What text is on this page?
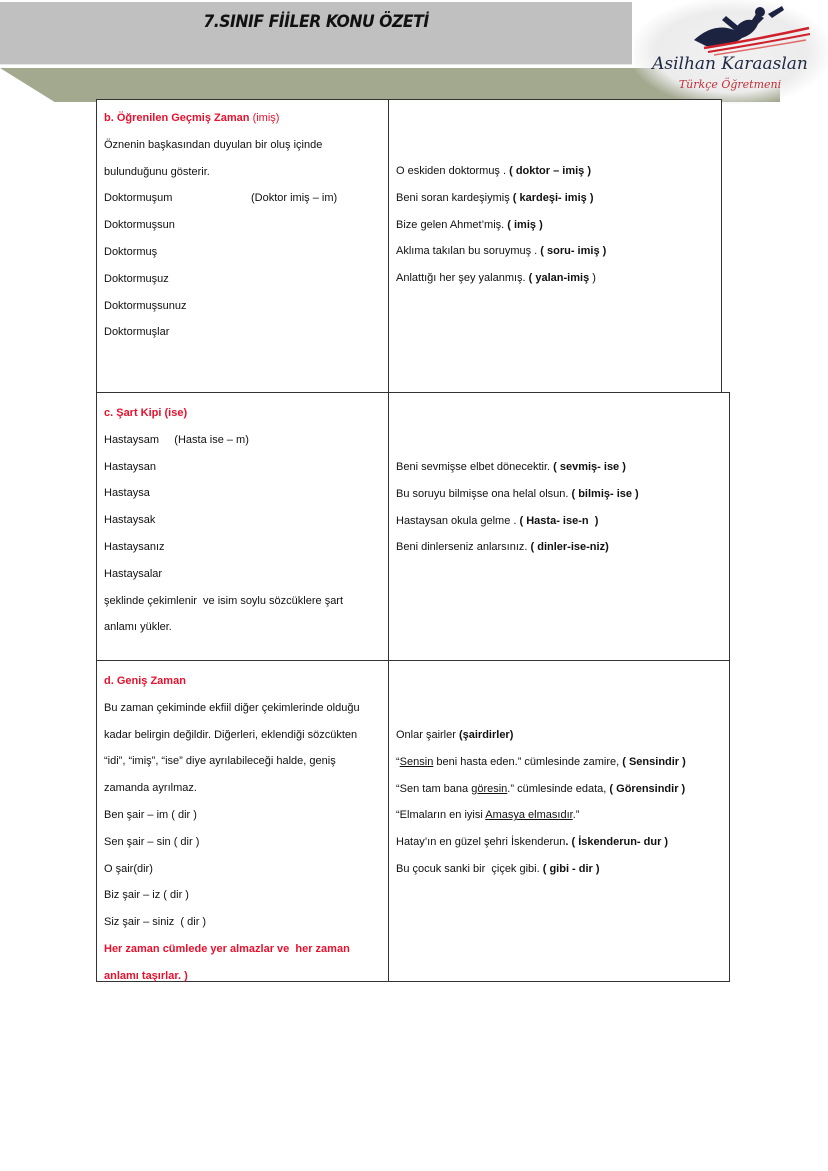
7.SINIF FİİLER KONU ÖZETİ
Asilhan Karaaslan
Türkçe Öğretmeni
b. Öğrenilen Geçmiş Zaman (imiş)
Öznenin başkasından duyulan bir oluş içinde
bulunduğunu gösterir.
Doktormuşum	(Doktor imiş – im)
Doktormuşsun
Doktormuş
Doktormuşuz
Doktormuşsunuz
Doktormuşlar
O eskiden doktormuş . ( doktor – imiş )
Beni soran kardeşiymiş ( kardeşi- imiş )
Bize gelen Ahmet’miş. ( imiş )
Aklıma takılan bu soruymuş . ( soru- imiş )
Anlattığı her şey yalanmış. ( yalan-imiş )
c. Şart Kipi (ise)
Hastaysam     (Hasta ise – m)
Hastaysan
Hastaysa
Hastaysak
Hastaysanız
Hastaysalar
şeklinde çekimlenir  ve isim soylu sözcüklere şart
anlamı yükler.
Beni sevmişse elbet dönecektir. ( sevmiş- ise )
Bu soruyu bilmişse ona helal olsun. ( bilmiş- ise )
Hastaysan okula gelme . ( Hasta- ise-n  )
Beni dinlerseniz anlarsınız. ( dinler-ise-niz)
d. Geniş Zaman
Bu zaman çekiminde ekfiil diğer çekimlerinde olduğu
kadar belirgin değildir. Diğerleri, eklendiği sözcükten
“idi”, “imiş”, “ise” diye ayrılabileceği halde, geniş
zamanda ayrılmaz.
Ben şair – im ( dir )
Sen şair – sin ( dir )
O şair(dir)
Biz şair – iz ( dir )
Siz şair – siniz  ( dir )
Her zaman cümlede yer almazlar ve  her zaman
anlamı taşırlar. )
Onlar şairler (şairdirler)
“Sensin beni hasta eden.” cümlesinde zamire, ( Sensindir )
“Sen tam bana göresin.” cümlesinde edata, ( Görensindir )
“Elmaların en iyisi Amasya elmasıdır.”
Hatay’ın en güzel şehri İskenderun. ( İskenderun- dur )
Bu çocuk sanki bir  çiçek gibi. ( gibi - dir )
